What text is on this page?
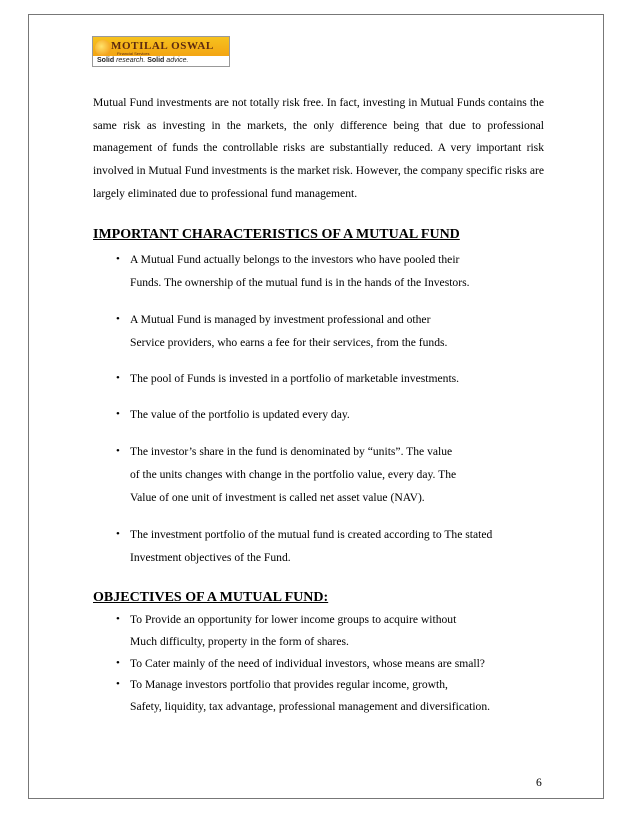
MOTILAL OSWAL
Financial Services
Solid research. Solid advice.

Mutual Fund investments are not totally risk free. In fact, investing in Mutual Funds contains the same risk as investing in the markets, the only difference being that due to professional management of funds the controllable risks are substantially reduced. A very important risk involved in Mutual Fund investments is the market risk. However, the company specific risks are largely eliminated due to professional fund management.

IMPORTANT CHARACTERISTICS OF A MUTUAL FUND
• A Mutual Fund actually belongs to the investors who have pooled their
Funds. The ownership of the mutual fund is in the hands of the Investors.
• A Mutual Fund is managed by investment professional and other
Service providers, who earns a fee for their services, from the funds.
• The pool of Funds is invested in a portfolio of marketable investments.
• The value of the portfolio is updated every day.
• The investor’s share in the fund is denominated by “units”. The value
of the units changes with change in the portfolio value, every day. The
Value of one unit of investment is called net asset value (NAV).
• The investment portfolio of the mutual fund is created according to The stated
Investment objectives of the Fund.
OBJECTIVES OF A MUTUAL FUND:
• To Provide an opportunity for lower income groups to acquire without
Much difficulty, property in the form of shares.
• To Cater mainly of the need of individual investors, whose means are small?
• To Manage investors portfolio that provides regular income, growth,
Safety, liquidity, tax advantage, professional management and diversification.
6
